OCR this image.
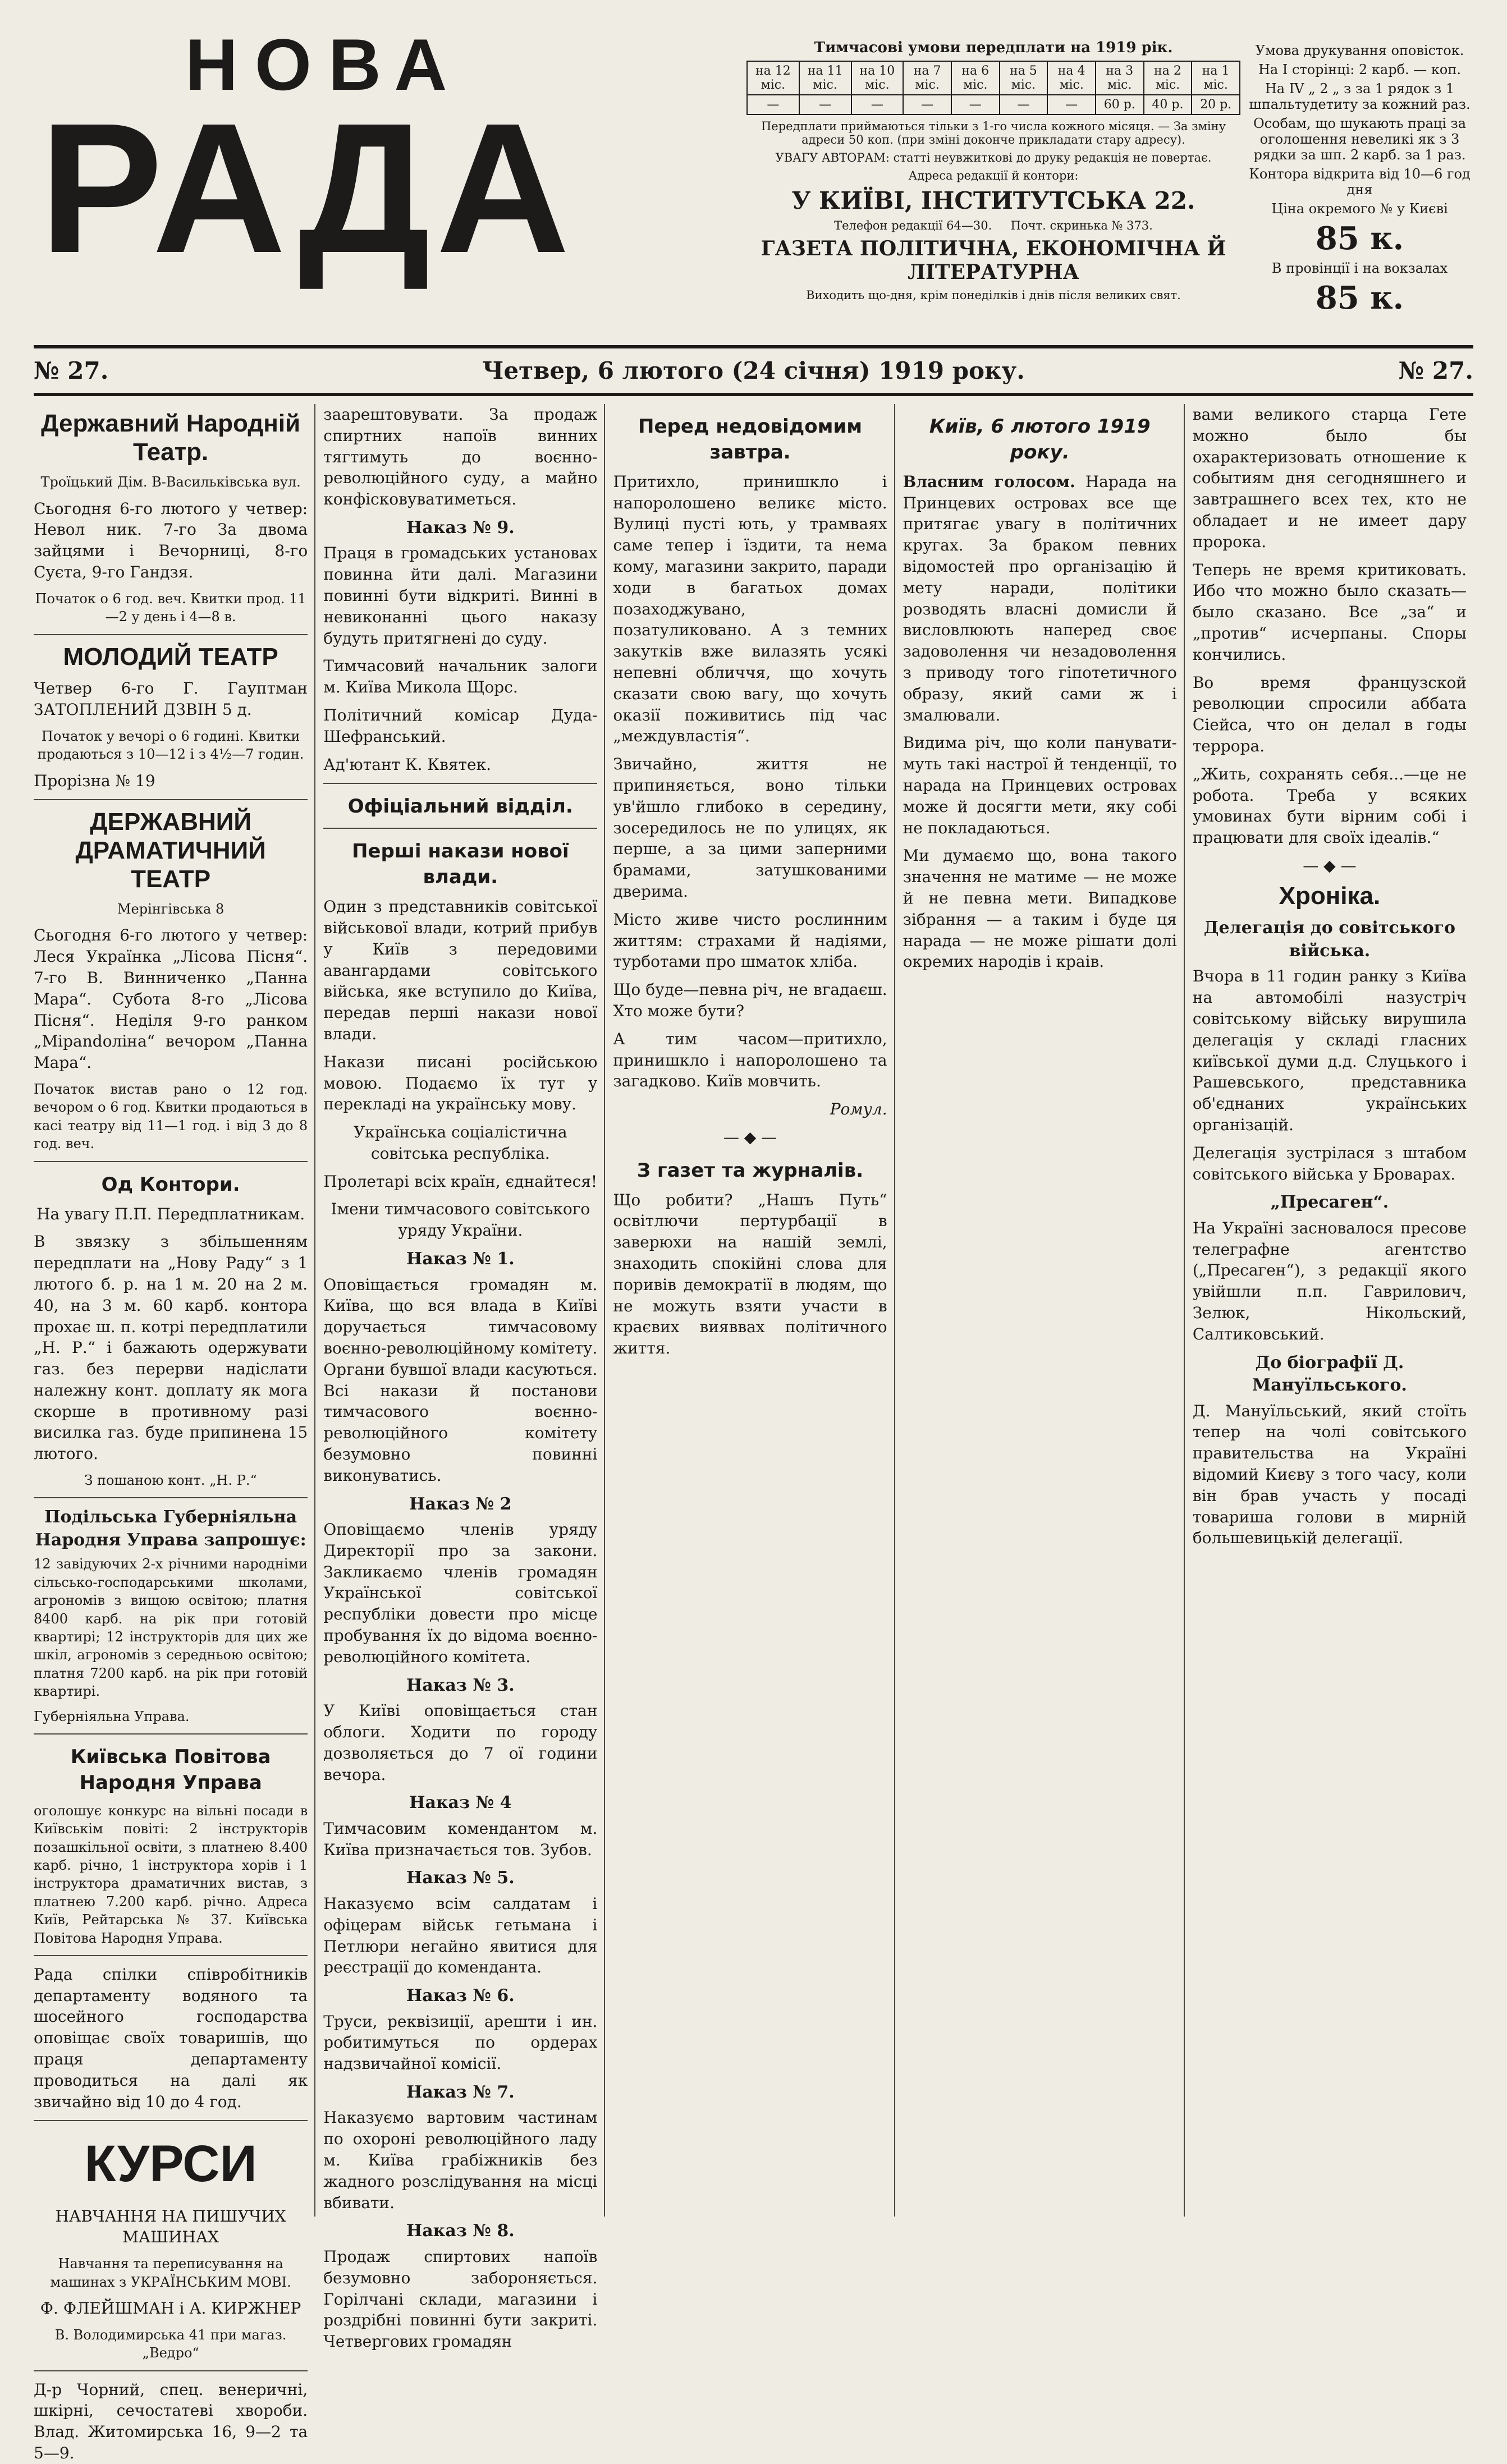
НОВА
РАДА
Тимчасові умови передплати на 1919 рік.
на 12 міс.	на 11 міс.	на 10 міс.	на 7 міс.	на 6 міс.	на 5 міс.	на 4 міс.	на 3 міс.	на 2 міс.	на 1 міс.
—	—	—	—	—	—	—	60 р.	40 р.	20 р.
Передплати приймаються тільки з 1-го числа кожного місяця. — За зміну адреси 50 коп. (при зміні доконче прикладати стару адресу).
УВАГУ АВТОРАМ: статті неувжиткові до друку редакція не повертає.
Адреса редакції й контори:
У КИЇВІ, ІНСТИТУТСЬКА 22.
Телефон редакції 64—30. Почт. скринька № 373.
ГАЗЕТА ПОЛІТИЧНА, ЕКОНОМІЧНА Й ЛІТЕРАТУРНА
Виходить що-дня, крім понеділків і днів після великих свят.

Умова друкування оповісток.

На І сторінці: 2 карб. — коп.

На IV „ 2 „ з за 1 рядок з 1 шпальтудетиту за кожний раз.

Особам, що шукають праці за оголошення невеликі як з 3 рядки за шп. 2 карб. за 1 раз.

Контора відкрита від 10—6 год дня

Ціна окремого № у Києві

85 к.

В провінції і на вокзалах

85 к.
№ 27.	Четвер, 6 лютого (24 січня) 1919 року.	№ 27.
Державний Народній Театр.

Троїцький Дім. В-Васильківська вул.

Сьогодня 6-го лютого у четвер: Невол ник. 7-го За двома зайцями і Вечорниці, 8-го Суєта, 9-го Гандзя.

Початок о 6 год. веч. Квитки прод. 11—2 у день і 4—8 в.

МОЛОДИЙ ТЕАТР

Четвер 6-го Г. Гауптман ЗАТОПЛЕНИЙ ДЗВІН 5 д.

Початок у вечорі о 6 годині. Квитки продаються з 10—12 і з 4½—7 годин.

Прорізна № 19

ДЕРЖАВНИЙ ДРАМАТИЧНИЙ ТЕАТР

Мерінгівська 8

Сьогодня 6-го лютого у четвер: Леся Українка „Лісова Пісня“. 7-го В. Винниченко „Панна Мара“. Субота 8-го „Лісова Пісня“. Неділя 9-го ранком „Міраndoліна“ вечором „Панна Мара“.

Початок вистав рано о 12 год. вечором о 6 год. Квитки продаються в касі театру від 11—1 год. і від 3 до 8 год. веч.

Од Контори.

На увагу П.П. Передплатникам.

В звязку з збільшенням передплати на „Нову Раду“ з 1 лютого б. р. на 1 м. 20 на 2 м. 40, на 3 м. 60 карб. контора прохає ш. п. котрі передплатили „Н. Р.“ і бажають одержувати газ. без перерви надіслати належну конт. доплату як мога скорше в противному разі висилка газ. буде припинена 15 лютого.

З пошаною конт. „Н. Р.“

Подільська Губерніяльна Народня Управа запрошує:

12 завідуючих 2-х річними народніми сільсько-господарськими школами, агрономів з вищою освітою; платня 8400 карб. на рік при готовій квартирі; 12 інструкторів для цих же шкіл, агрономів з середньою освітою; платня 7200 карб. на рік при готовій квартирі.

Губерніяльна Управа.

Київська Повітова Народня Управа

оголошує конкурс на вільні посади в Київськім повіті: 2 інструкторів позашкільної освіти, з платнею 8.400 карб. річно, 1 інструктора хорів і 1 інструктора драматичних вистав, з платнею 7.200 карб. річно. Адреса Київ, Рейтарська № 37. Київська Повітова Народня Управа.

Рада спілки співробітників департаменту водяного та шосейного господарства оповіщає своїх товаришів, що праця департаменту проводиться на далі як звичайно від 10 до 4 год.

КУРСИ

НАВЧАННЯ НА ПИШУЧИХ МАШИНАХ

Навчання та переписування на машинах з УКРАЇНСЬКИМ МОВІ.

Ф. ФЛЕЙШМАН і А. КИРЖНЕР

В. Володимирська 41 при магаз. „Ведро“

Д-р Чорний, спец. венеричні, шкірні, сечостатеві хвороби. Влад. Житомирська 16, 9—2 та 5—9.

заарештовувати. За продаж спиртних напоїв винних тягтимуть до воєнно-революційного суду, а майно конфісковуватиметься.

Наказ № 9.

Праця в громадських установах повинна йти далі. Магазини повинні бути відкриті. Винні в невиконанні цього наказу будуть притягнені до суду.

Тимчасовий начальник залоги м. Київа Микола Щорс.

Політичний комісар Дуда-Шефранський.

Ад'ютант К. Квятек.

Офіціальний відділ.
Перші накази нової влади.

Один з представників совітської військової влади, котрий прибув у Київ з передовими авангардами совітського війська, яке вступило до Київа, передав перші накази нової влади.

Накази писані російською мовою. Подаємо їх тут у перекладі на українську мову.

Українська соціалістична совітська республіка.

Пролетарі всіх країн, єднайтеся!

Імени тимчасового совітського уряду України.

Наказ № 1.

Оповіщається громадян м. Київа, що вся влада в Київі доручається тимчасовому воєнно-революційному комітету. Органи бувшої влади касуються. Всі накази й постанови тимчасового воєнно-революційного комітету безумовно повинні виконуватись.

Наказ № 2

Оповіщаємо членів уряду Директорії про за закони. Закликаємо членів громадян Української совітської республіки довести про місце пробування їх до відома воєнно-революційного комітета.

Наказ № 3.

У Київі оповіщається стан облоги. Ходити по городу дозволяється до 7 ої години вечора.

Наказ № 4

Тимчасовим комендантом м. Київа призначається тов. Зубов.

Наказ № 5.

Наказуємо всім салдатам і офіцерам військ гетьмана і Петлюри негайно явитися для реєстрації до коменданта.

Наказ № 6.

Труси, реквізиції, арешти і ин. робитимуться по ордерах надзвичайної комісії.

Наказ № 7.

Наказуємо вартовим частинам по охороні революційного ладу м. Київа грабіжників без жадного розслідування на місці вбивати.

Наказ № 8.

Продаж спиртових напоїв безумовно забороняється. Горілчані склади, магазини і роздрібні повинні бути закриті. Четвергових громадян

Перед недовідомим завтра.

Притихло, принишкло і напоролошено великє місто. Вулиці пусті ють, у трамваях саме тепер і їздити, та нема кому, магазини закрито, паради ходи в багатьох домах позаходжувано, позатуликовано. А з темних закутків вже вилазять усякі непевні обличчя, що хочуть сказати свою вагу, що хочуть оказії поживитись під час „междувластія“.

Звичайно, життя не припиняється, воно тільки ув'йшло глибоко в середину, зосередилось не по улицях, як перше, а за цими заперними брамами, затушкованими дверима.

Місто живе чисто рослинним життям: страхами й надіями, турботами про шматок хліба.

Що буде—певна річ, не вгадаєш. Хто може бути?

А тим часом—притихло, принишкло і напоролошено та загадково. Київ мовчить.

Ромул.

— ◆ —
З газет та журналів.

Що робити? „Нашъ Путь“ освітлючи пертурбації в заверюхи на нашій землі, знаходить спокійні слова для поривів демократії в людям, що не можуть взяти участи в краєвих вияввах політичного життя.

Київ, 6 лютого 1919 року.

Власним голосом. Нарада на Принцевих островах все ще притягає увагу в політичних кругах. За браком певних відомостей про організацію й мету наради, політики розводять власні домисли й висловлюють наперед своє задоволення чи незадоволення з приводу того гіпотетичного образу, який сами ж і змалювали.

Видима річ, що коли панувати-муть такі настрої й тенденції, то нарада на Принцевих островах може й досягти мети, яку собі не покладаються.

Ми думаємо що, вона такого значення не матиме — не може й не певна мети. Випадкове зібрання — а таким і буде ця нарада — не може рішати долі окремих народів і краів.

вами великого старца Гете можно было бы охарактеризовать отношение к событиям дня сегодняшнего и завтрашнего всех тех, кто не обладает и не имеет дару пророка.

Теперь не время критиковать. Ибо что можно было сказать—было сказано. Все „за“ и „против“ исчерпаны. Споры кончились.

Во время французской революции спросили аббата Сіейса, что он делал в годы террора.

„Жить, сохранять себя...—це не робота. Треба у всяких умовинах бути вірним собі і працювати для своїх ідеалів.“

— ◆ —
Хроніка.
Делегація до совітського війська.

Вчора в 11 годин ранку з Київа на автомобілі назустріч совітському війську вирушила делегація у складі гласних київської думи д.д. Слуцького і Рашевського, представника об'єднаних українських організацій.

Делегація зустрілася з штабом совітського війська у Броварах.

„Пресаген“.

На Україні засновалося пресове телеграфне агентство („Пресаген“), з редакції якого увійшли п.п. Гаврилович, Зелюк, Нікольский, Салтиковський.

До біографії Д. Мануїльського.

Д. Мануїльський, який стоїть тепер на чолі совітського правительства на Україні відомий Києву з того часу, коли він брав участь у посаді товариша голови в мирній большевицькій делегації.
